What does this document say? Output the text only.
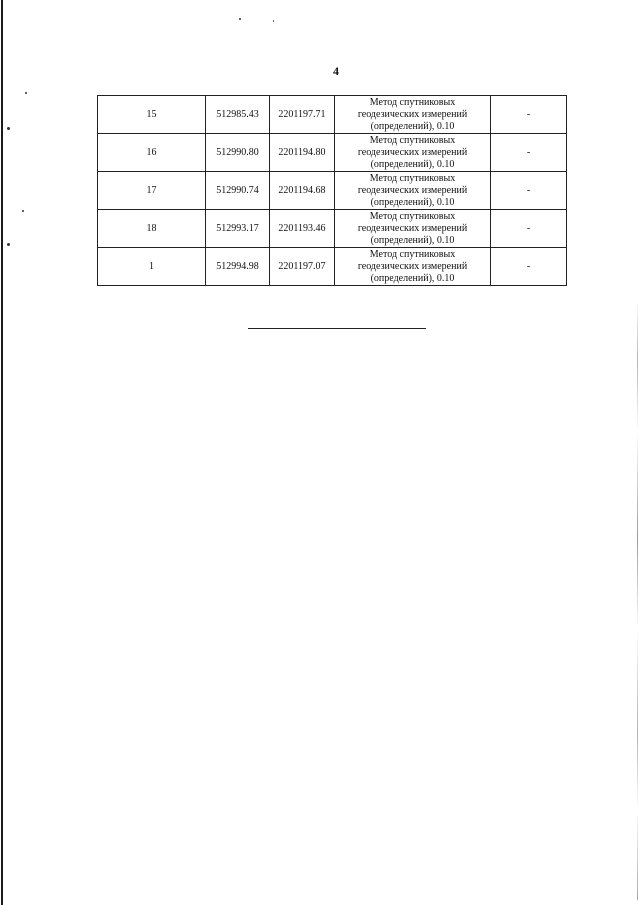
4
15	512985.43	2201197.71	Метод спутниковых
геодезических измерений
(определений), 0.10	-
16	512990.80	2201194.80	Метод спутниковых
геодезических измерений
(определений), 0.10	-
17	512990.74	2201194.68	Метод спутниковых
геодезических измерений
(определений), 0.10	-
18	512993.17	2201193.46	Метод спутниковых
геодезических измерений
(определений), 0.10	-
1	512994.98	2201197.07	Метод спутниковых
геодезических измерений
(определений), 0.10	-
